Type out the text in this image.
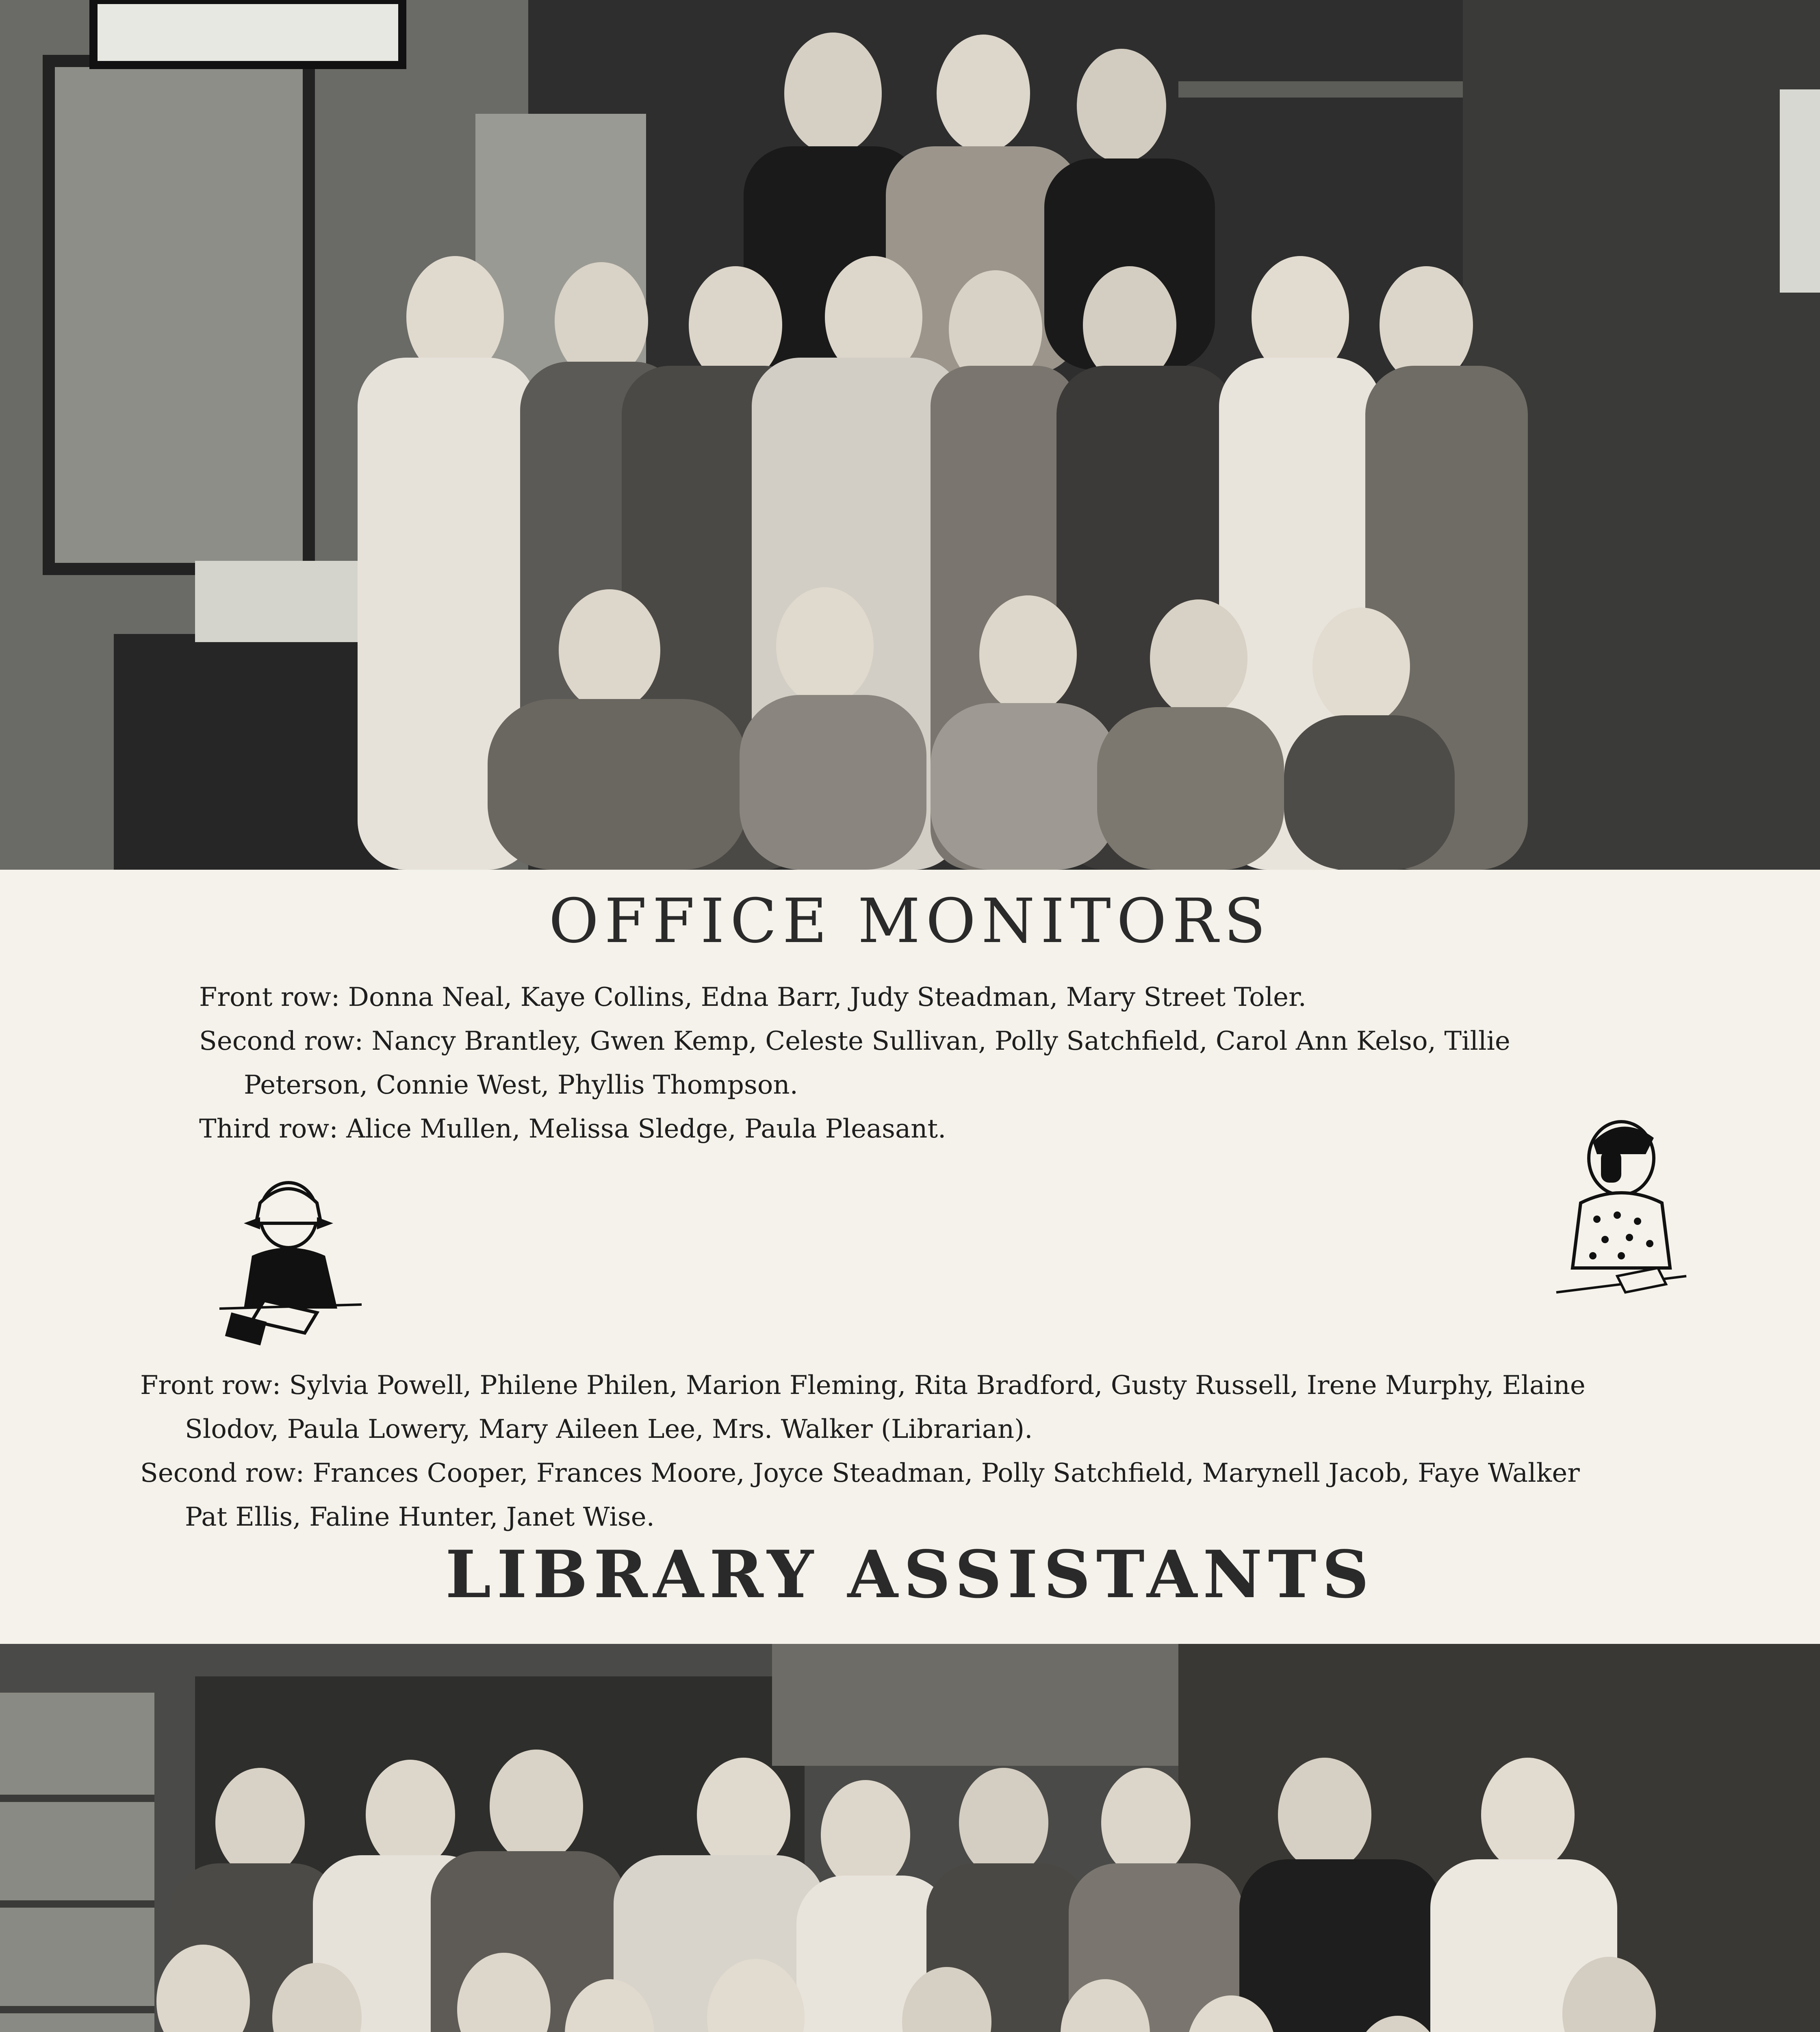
OFFICE MONITORS
Front row: Donna Neal, Kaye Collins, Edna Barr, Judy Steadman, Mary Street Toler.
Second row: Nancy Brantley, Gwen Kemp, Celeste Sullivan, Polly Satchfield, Carol Ann Kelso, Tillie
Peterson, Connie West, Phyllis Thompson.
Third row: Alice Mullen, Melissa Sledge, Paula Pleasant.
Front row: Sylvia Powell, Philene Philen, Marion Fleming, Rita Bradford, Gusty Russell, Irene Murphy, Elaine
Slodov, Paula Lowery, Mary Aileen Lee, Mrs. Walker (Librarian).
Second row: Frances Cooper, Frances Moore, Joyce Steadman, Polly Satchfield, Marynell Jacob, Faye Walker
Pat Ellis, Faline Hunter, Janet Wise.
LIBRARY ASSISTANTS
